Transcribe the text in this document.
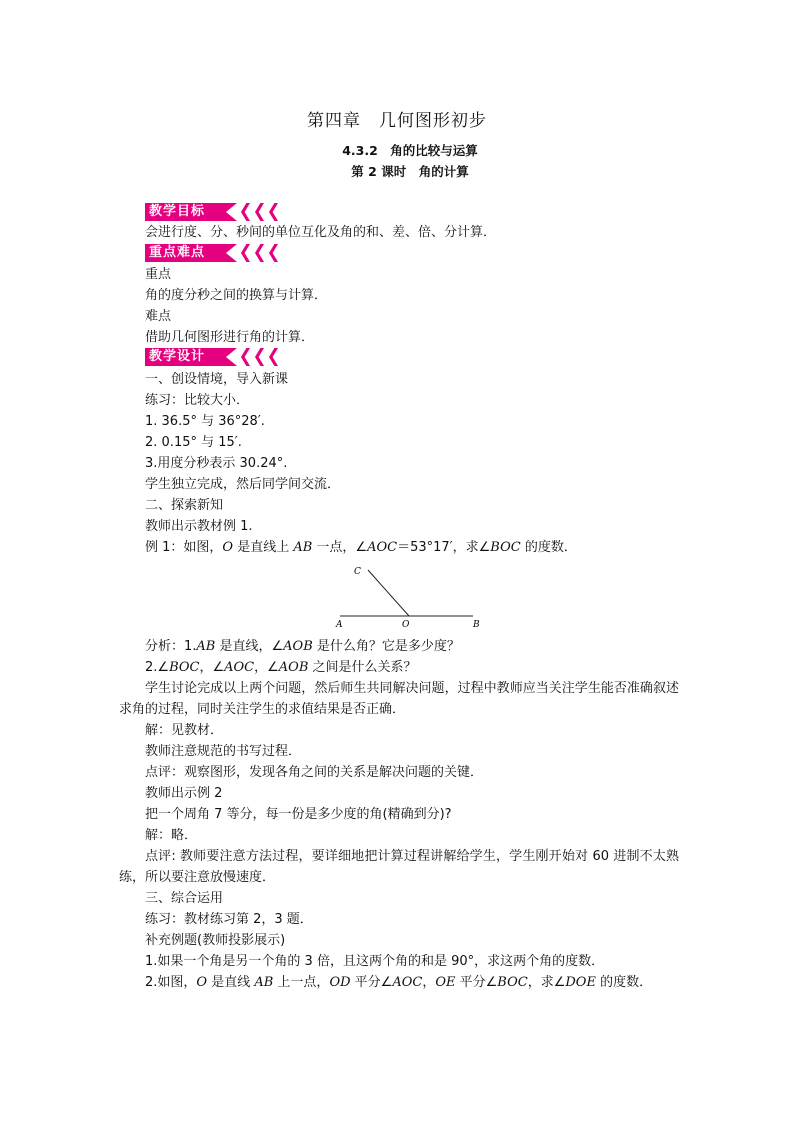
第四章　几何图形初步
4.3.2　角的比较与运算
第 2 课时　角的计算
教学目标
会进行度、分、秒间的单位互化及角的和、差、倍、分计算．
重点难点
重点
角的度分秒之间的换算与计算．
难点
借助几何图形进行角的计算．
教学设计
一、创设情境，导入新课
练习：比较大小．
1. 36.5° 与 36°28′.
2. 0.15° 与 15′.
3.用度分秒表示 30.24°.
学生独立完成，然后同学间交流．
二、探索新知
教师出示教材例 1.
例 1：如图，O 是直线上 AB 一点，∠AOC＝53°17′，求∠BOC 的度数．
C
A	O	B
分析：1.AB 是直线，∠AOB 是什么角？它是多少度？
2.∠BOC，∠AOC，∠AOB 之间是什么关系？
学生讨论完成以上两个问题，然后师生共同解决问题，过程中教师应当关注学生能否准确叙述求角的过程，同时关注学生的求值结果是否正确．
解：见教材．
教师注意规范的书写过程．
点评：观察图形，发现各角之间的关系是解决问题的关键．
教师出示例 2
把一个周角 7 等分，每一份是多少度的角(精确到分)?
解：略．
点评: 教师要注意方法过程，要详细地把计算过程讲解给学生，学生刚开始对 60 进制不太熟练，所以要注意放慢速度．
三、综合运用
练习：教材练习第 2，3 题．
补充例题(教师投影展示)
1.如果一个角是另一个角的 3 倍，且这两个角的和是 90°，求这两个角的度数．
2.如图，O 是直线 AB 上一点，OD 平分∠AOC，OE 平分∠BOC，求∠DOE 的度数．
